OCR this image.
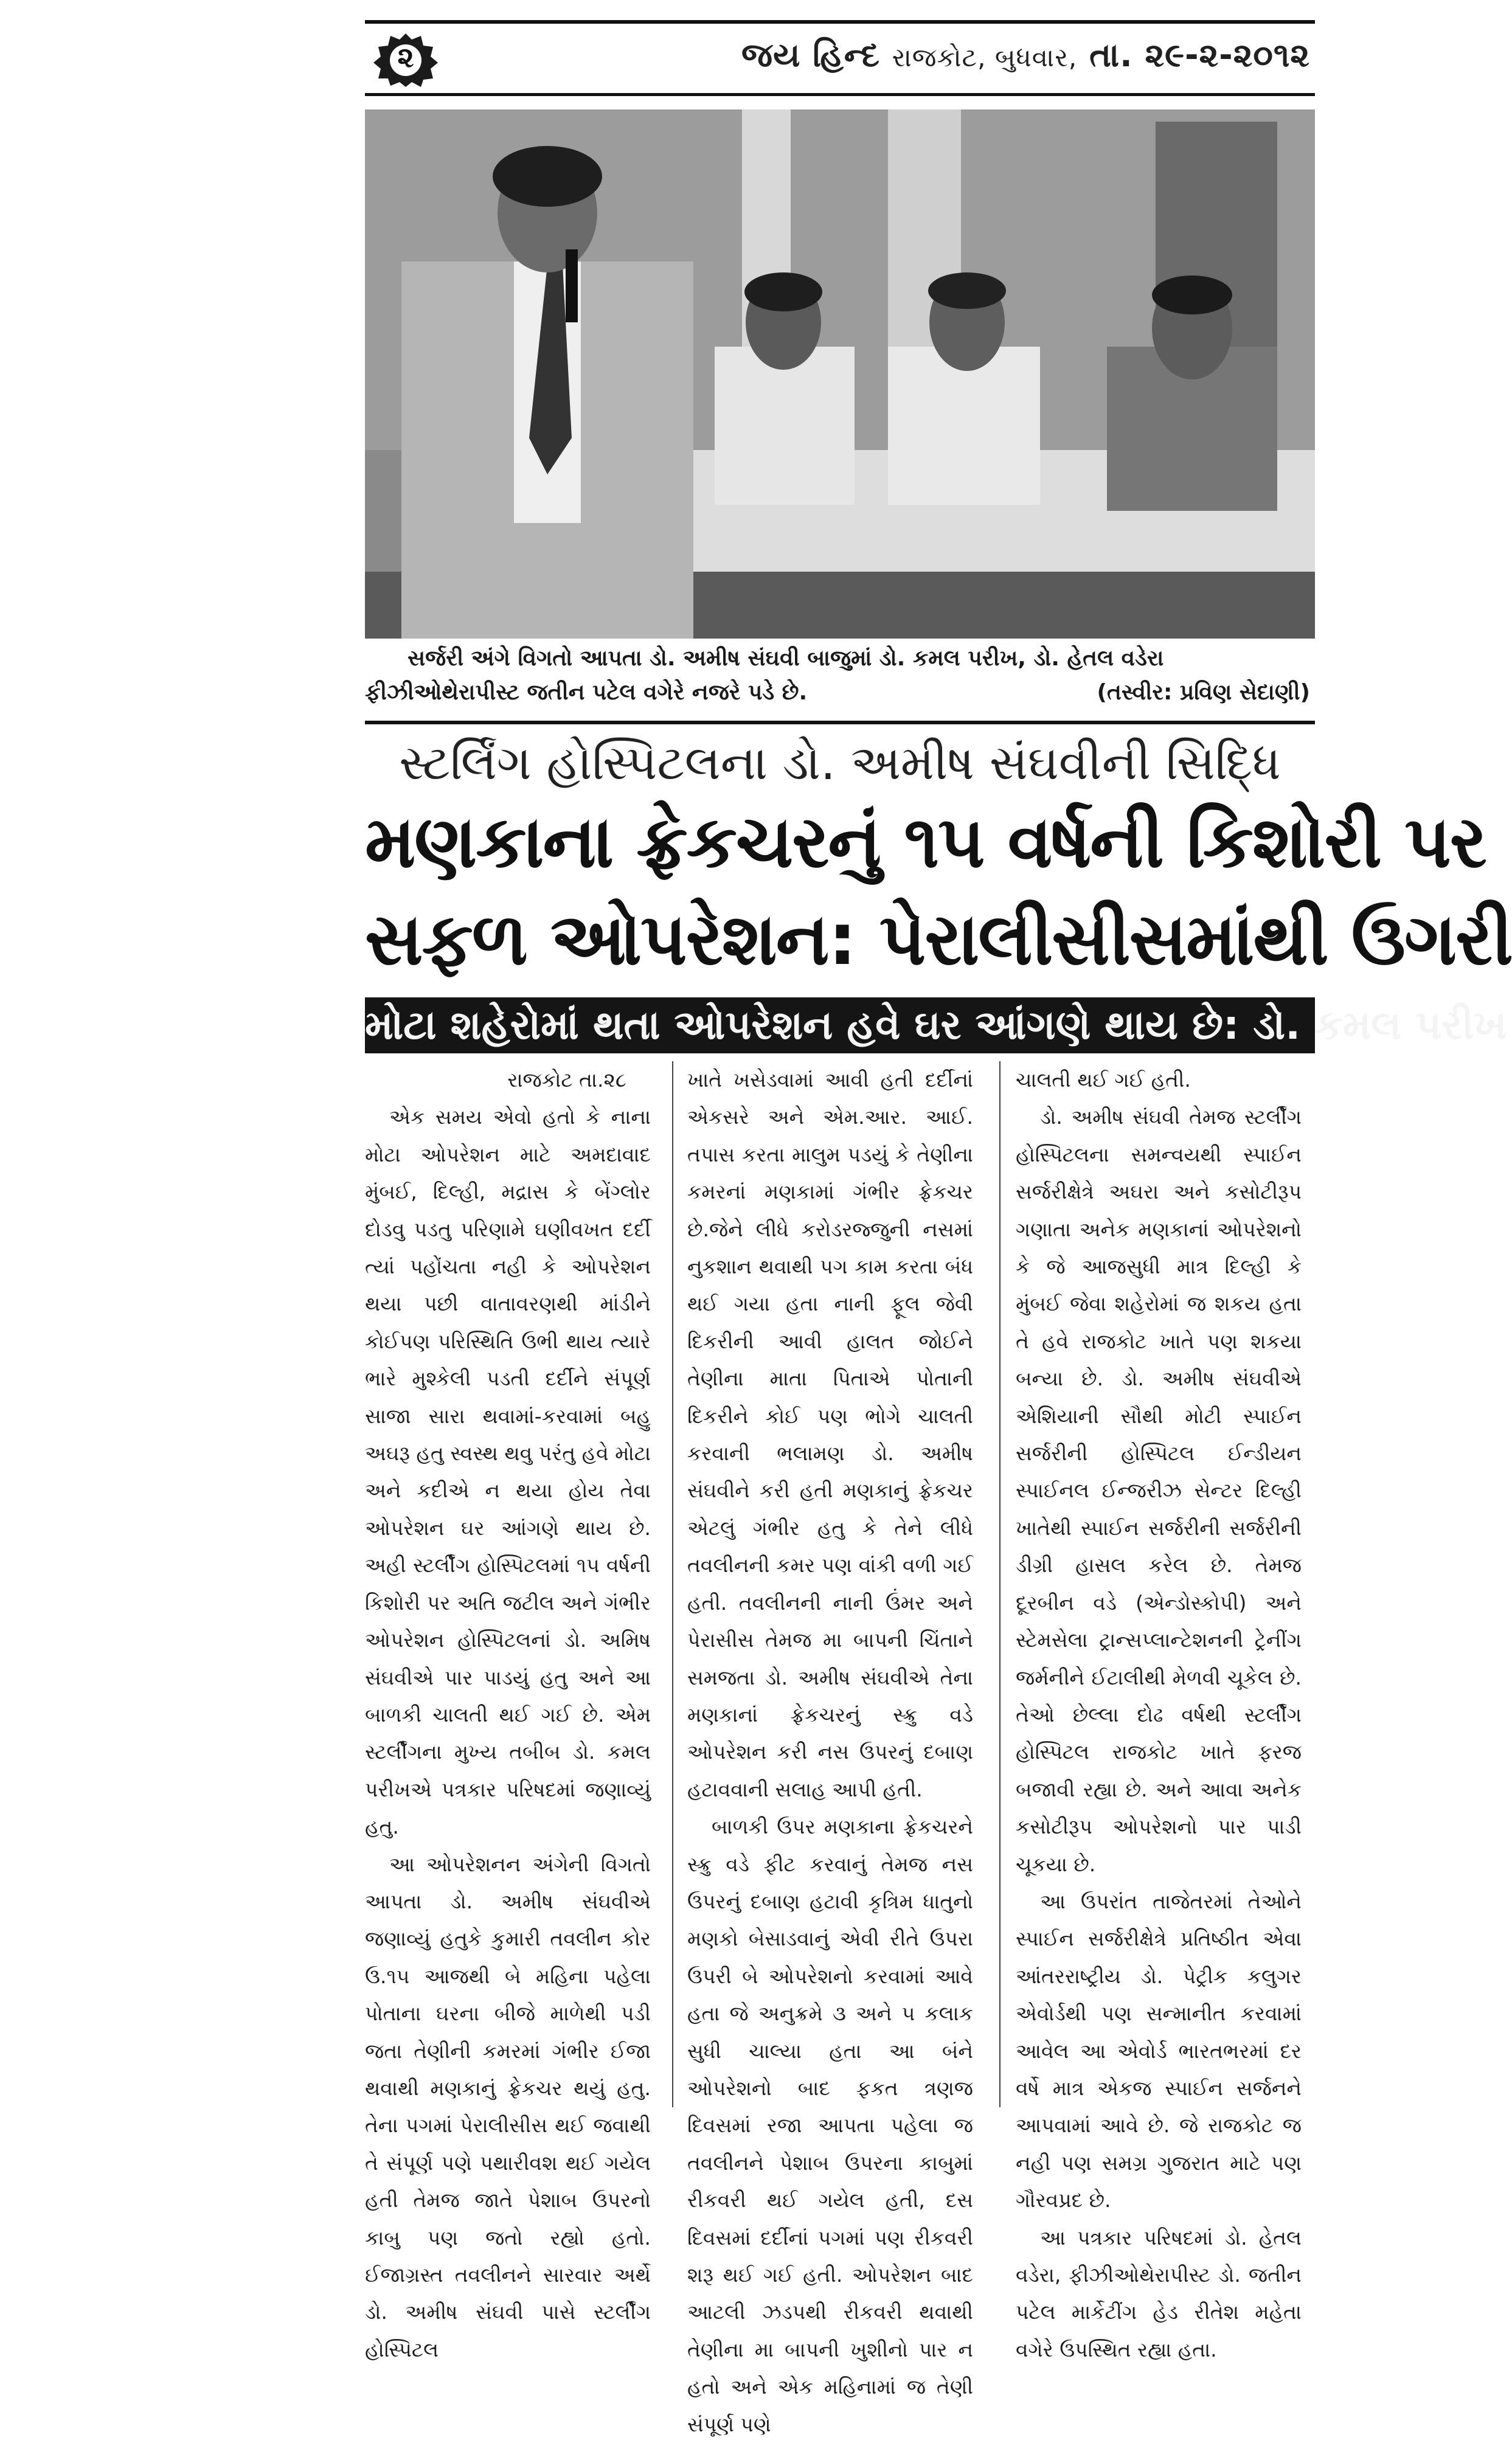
૨	જય હિન્દ રાજકોટ, બુધવાર, તા. ૨૯-૨-૨૦૧૨
સર્જરી અંગે વિગતો આપતા ડો. અમીષ સંઘવી બાજુમાં ડો. કમલ પરીખ, ડો. હેતલ વડેરા
ફીઝીઓથેરાપીસ્ટ જતીન પટેલ વગેરે નજરે પડે છે.	(તસ્વીર: પ્રવિણ સેદાણી)
સ્ટર્લિંગ હોસ્પિટલના ડો. અમીષ સંઘવીની સિદ્ધિ
મણકાના ફ્રેકચરનું ૧૫ વર્ષની કિશોરી પર
સફળ ઓપરેશન: પેરાલીસીસમાંથી ઉગરી
મોટા શહેરોમાં થતા ઓપરેશન હવે ઘર આંગણે થાય છે: ડો. કમલ પરીખ
રાજકોટ તા.૨૮

એક સમય એવો હતો કે નાના મોટા ઓપરેશન માટે અમદાવાદ મુંબઈ, દિલ્હી, મદ્રાસ કે બેંગ્લોર દોડવુ પડતુ પરિણામે ઘણીવખત દર્દી ત્યાં પહોંચતા નહી કે ઓપરેશન થયા પછી વાતાવરણથી માંડીને કોઈપણ પરિસ્થિતિ ઉભી થાય ત્યારે ભારે મુશ્કેલી પડતી દર્દીને સંપૂર્ણ સાજા સારા થવામાં-કરવામાં બહુ અઘરૂ હતુ સ્વસ્થ થવુ પરંતુ હવે મોટા અને કદીએ ન થયા હોય તેવા ઓપરેશન ઘર આંગણે થાય છે. અહી સ્ટર્લીંગ હોસ્પિટલમાં ૧૫ વર્ષની કિશોરી પર અતિ જટીલ અને ગંભીર ઓપરેશન હોસ્પિટલનાં ડો. અમિષ સંઘવીએ પાર પાડયું હતુ અને આ બાળકી ચાલતી થઈ ગઈ છે. એમ સ્ટર્લીંગના મુખ્ય તબીબ ડો. કમલ પરીખએ પત્રકાર પરિષદમાં જણાવ્યું હતુ.

આ ઓપરેશનન અંગેની વિગતો આપતા ડો. અમીષ સંઘવીએ જણાવ્યું હતુકે કુમારી તવલીન કોર ઉ.૧૫ આજથી બે મહિના પહેલા પોતાના ઘરના બીજે માળેથી પડી જતા તેણીની કમરમાં ગંભીર ઈજા થવાથી મણકાનું ફ્રેકચર થયું હતુ. તેના પગમાં પેરાલીસીસ થઈ જવાથી તે સંપૂર્ણ પણે પથારીવશ થઈ ગયેલ હતી તેમજ જાતે પેશાબ ઉપરનો કાબુ પણ જતો રહ્યો હતો. ઈજાગ્રસ્ત તવલીનને સારવાર અર્થે ડો. અમીષ સંઘવી પાસે સ્ટર્લીંગ હોસ્પિટલ

ખાતે ખસેડવામાં આવી હતી દર્દીનાં એકસરે અને એમ.આર. આઈ. તપાસ કરતા માલુમ પડયું કે તેણીના કમરનાં મણકામાં ગંભીર ફ્રેકચર છે.જેને લીધે કરોડરજ્જુની નસમાં નુકશાન થવાથી પગ કામ કરતા બંધ થઈ ગયા હતા નાની ફૂલ જેવી દિકરીની આવી હાલત જોઈને તેણીના માતા પિતાએ પોતાની દિકરીને કોઈ પણ ભોગે ચાલતી કરવાની ભલામણ ડો. અમીષ સંઘવીને કરી હતી મણકાનું ફ્રેકચર એટલું ગંભીર હતુ કે તેને લીધે તવલીનની કમર પણ વાંકી વળી ગઈ હતી. તવલીનની નાની ઉંમર અને પેરાસીસ તેમજ મા બાપની ચિંતાને સમજતા ડો. અમીષ સંઘવીએ તેના મણકાનાં ફ્રેકચરનું સ્ક્રુ વડે ઓપરેશન કરી નસ ઉપરનું દબાણ હટાવવાની સલાહ આપી હતી.

બાળકી ઉપર મણકાના ફ્રેકચરને સ્ક્રુ વડે ફીટ કરવાનું તેમજ નસ ઉપરનું દબાણ હટાવી કૃત્રિમ ધાતુનો મણકો બેસાડવાનું એવી રીતે ઉપરા ઉપરી બે ઓપરેશનો કરવામાં આવે હતા જે અનુક્રમે ૩ અને ૫ કલાક સુધી ચાલ્યા હતા આ બંને ઓપરેશનો બાદ ફકત ત્રણજ દિવસમાં રજા આપતા પહેલા જ તવલીનને પેશાબ ઉપરના કાબુમાં રીકવરી થઈ ગયેલ હતી, દસ દિવસમાં દર્દીનાં પગમાં પણ રીકવરી શરૂ થઈ ગઈ હતી. ઓપરેશન બાદ આટલી ઝડપથી રીકવરી થવાથી તેણીના મા બાપની ખુશીનો પાર ન હતો અને એક મહિનામાં જ તેણી સંપૂર્ણ પણે

ચાલતી થઈ ગઈ હતી.

ડો. અમીષ સંઘવી તેમજ સ્ટર્લીંગ હોસ્પિટલના સમન્વયથી સ્પાઈન સર્જરીક્ષેત્રે અઘરા અને કસોટીરૂપ ગણાતા અનેક મણકાનાં ઓપરેશનો કે જે આજસુધી માત્ર દિલ્હી કે મુંબઈ જેવા શહેરોમાં જ શકય હતા તે હવે રાજકોટ ખાતે પણ શકયા બન્યા છે. ડો. અમીષ સંઘવીએ એશિયાની સૌથી મોટી સ્પાઈન સર્જરીની હોસ્પિટલ ઈન્ડીયન સ્પાઈનલ ઈન્જરીઝ સેન્ટર દિલ્હી ખાતેથી સ્પાઈન સર્જરીની સર્જરીની ડીગ્રી હાસલ કરેલ છે. તેમજ દૂરબીન વડે (એન્ડોસ્કોપી) અને સ્ટેમસેલા ટ્રાન્સપ્લાન્ટેશનની ટ્રેનીંગ જર્મનીને ઈટાલીથી મેળવી ચૂકેલ છે. તેઓ છેલ્લા દોઢ વર્ષથી સ્ટર્લીંગ હોસ્પિટલ રાજકોટ ખાતે ફરજ બજાવી રહ્યા છે. અને આવા અનેક કસોટીરૂપ ઓપરેશનો પાર પાડી ચૂકયા છે.

આ ઉપરાંત તાજેતરમાં તેઓને સ્પાઈન સર્જરીક્ષેત્રે પ્રતિષ્ઠીત એવા આંતરરાષ્ટ્રીય ડો. પેટ્રીક કલુગર એવોર્ડથી પણ સન્માનીત કરવામાં આવેલ આ એવોર્ડ ભારતભરમાં દર વર્ષે માત્ર એકજ સ્પાઈન સર્જનને આપવામાં આવે છે. જે રાજકોટ જ નહી પણ સમગ્ર ગુજરાત માટે પણ ગૌરવપ્રદ છે.

આ પત્રકાર પરિષદમાં ડો. હેતલ વડેરા, ફીઝીઓથેરાપીસ્ટ ડો. જતીન પટેલ માર્કેટીંગ હેડ રીતેશ મહેતા વગેરે ઉપસ્થિત રહ્યા હતા.
